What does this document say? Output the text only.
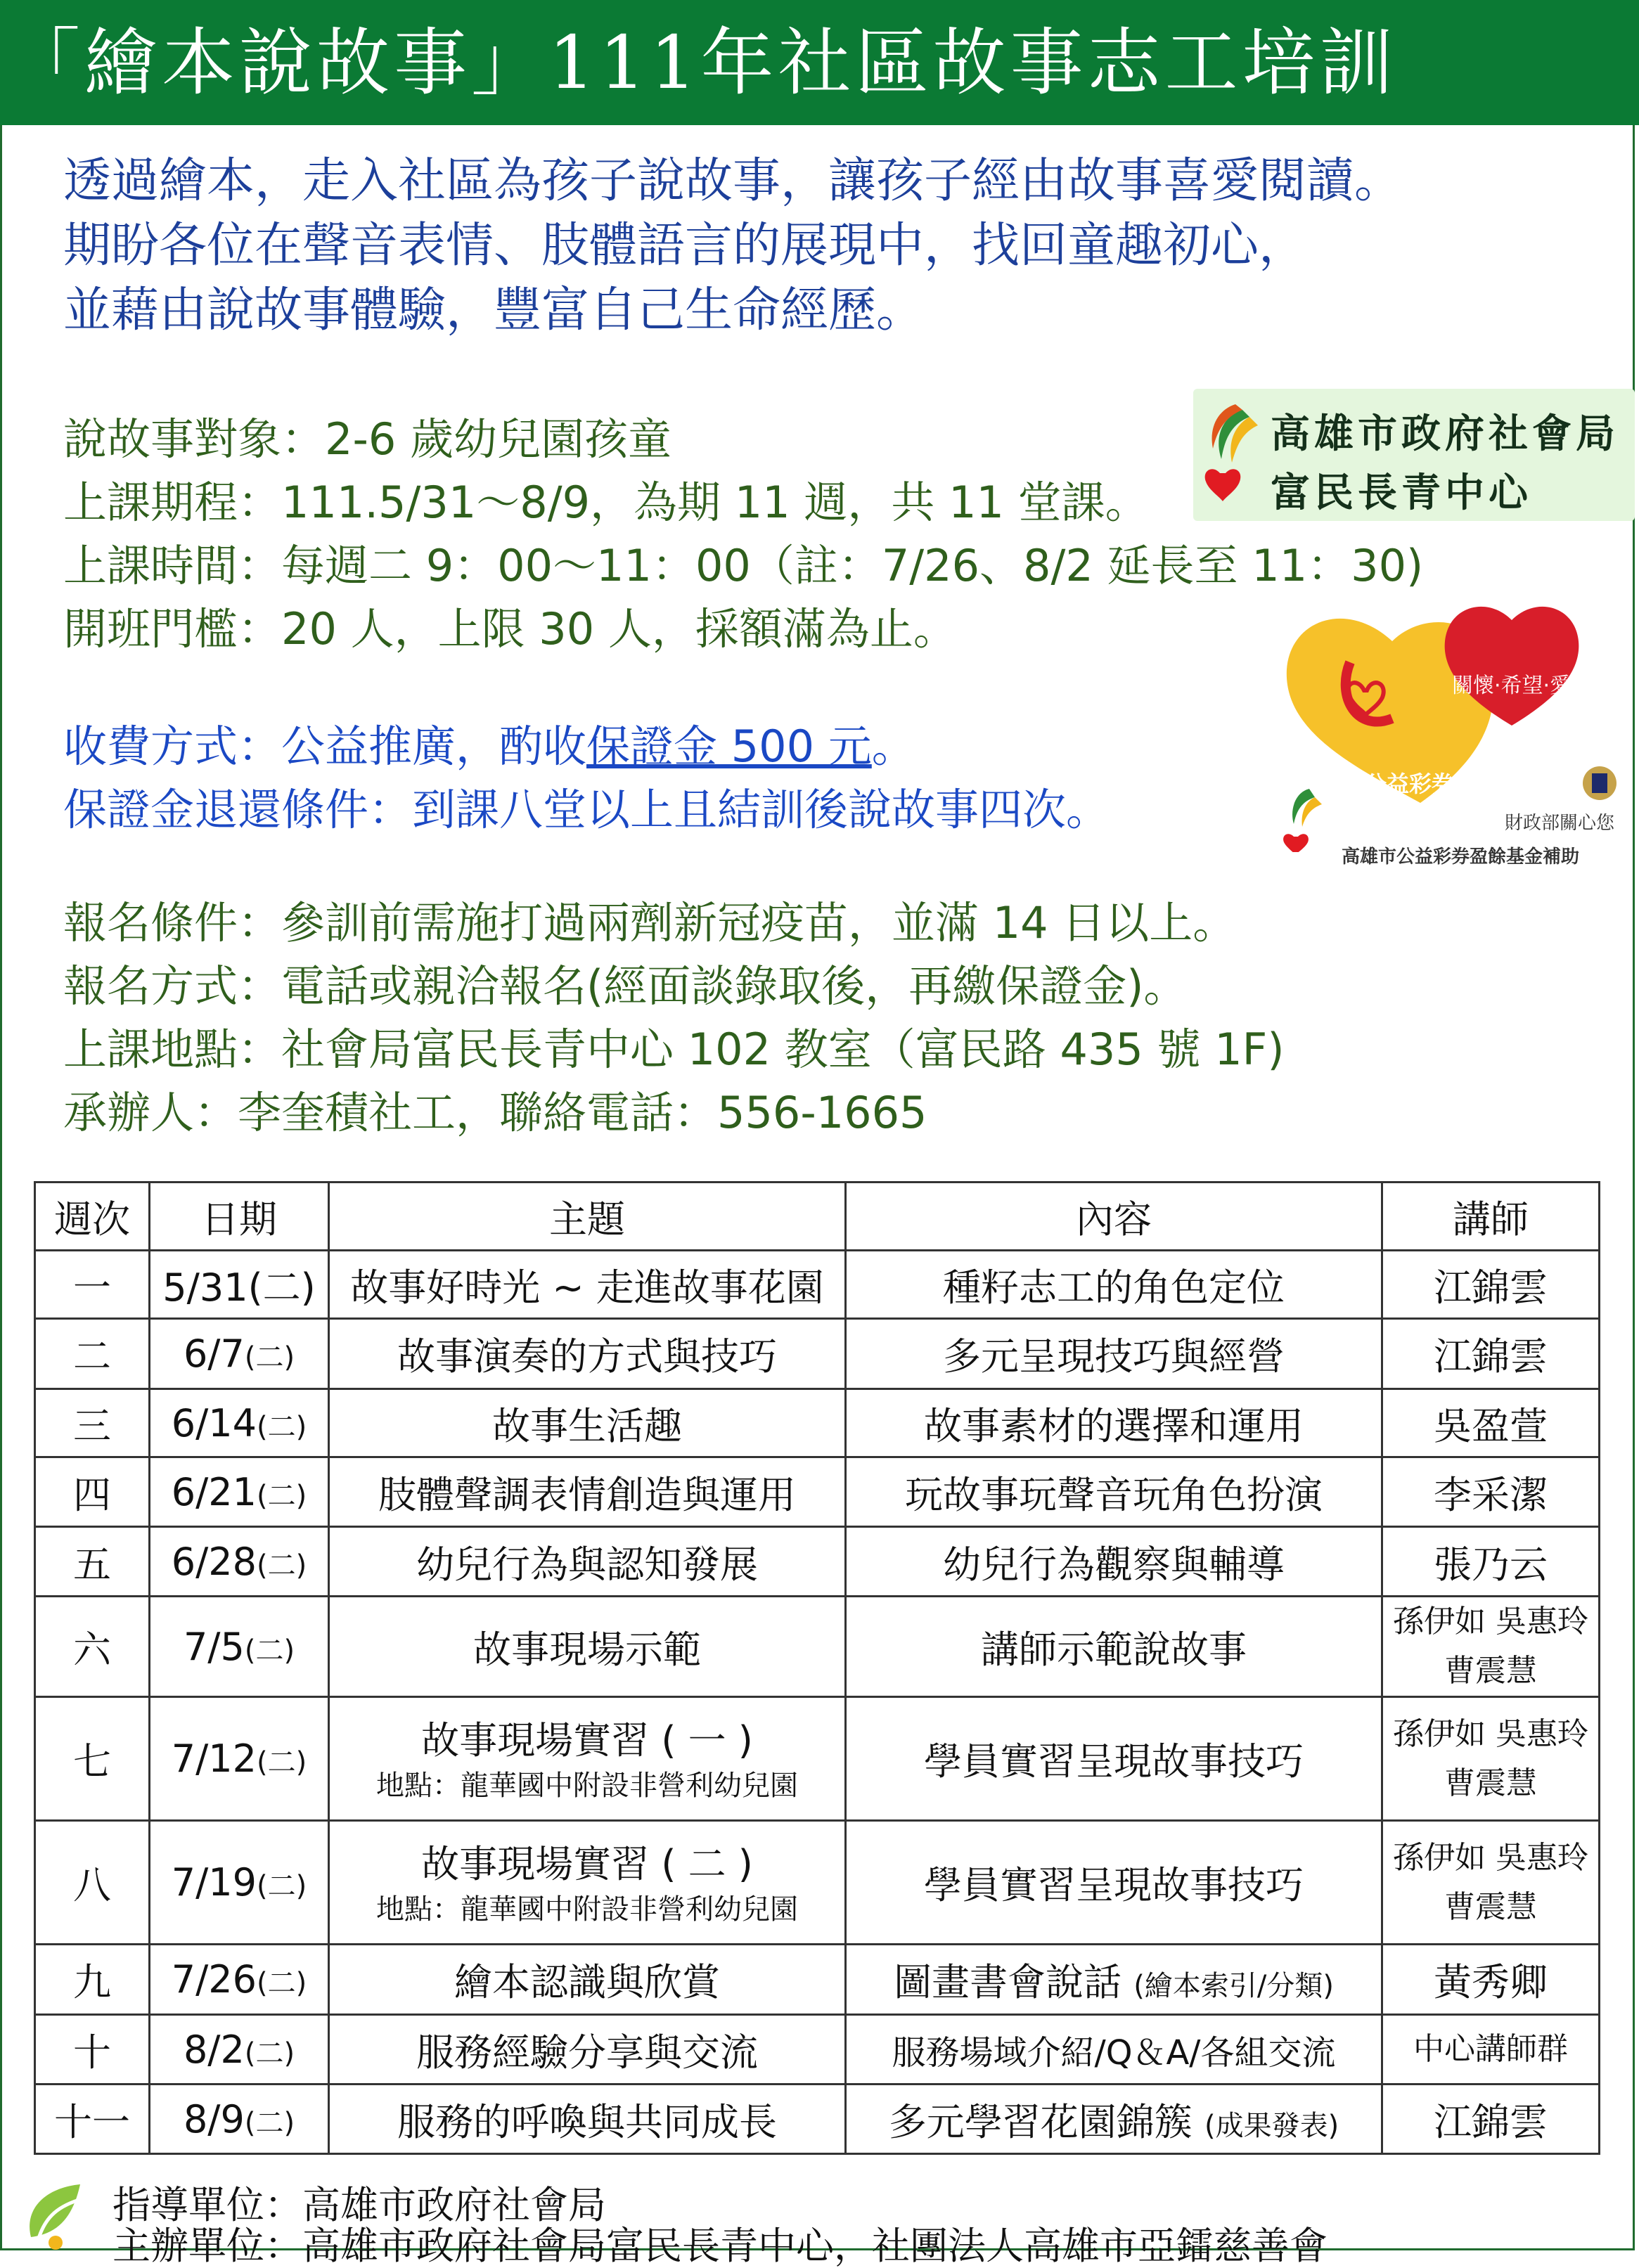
「繪本說故事」111年社區故事志工培訓
透過繪本，走入社區為孩子說故事，讓孩子經由故事喜愛閱讀。
期盼各位在聲音表情、肢體語言的展現中，找回童趣初心，
並藉由說故事體驗，豐富自己生命經歷。
說故事對象：2-6 歲幼兒園孩童
上課期程：111.5/31～8/9，為期 11 週，共 11 堂課。
上課時間：每週二 9：00～11：00（註：7/26、8/2 延長至 11：30)
開班門檻：20 人，上限 30 人，採額滿為止。
收費方式：公益推廣，酌收保證金 500 元。
保證金退還條件：到課八堂以上且結訓後說故事四次。
報名條件：參訓前需施打過兩劑新冠疫苗，並滿 14 日以上。
報名方式：電話或親洽報名(經面談錄取後，再繳保證金)。
上課地點：社會局富民長青中心 102 教室（富民路 435 號 1F)
承辦人：李奎積社工，聯絡電話：556-1665
高雄市政府社會局
富民長青中心
關懷·希望·愛
公益彩券
財政部關心您
高雄市公益彩券盈餘基金補助
週次	日期	主題	內容	講師
一	5/31(二)	故事好時光 ~ 走進故事花園	種籽志工的角色定位	江錦雲
二	6/7(二)	故事演奏的方式與技巧	多元呈現技巧與經營	江錦雲
三	6/14(二)	故事生活趣	故事素材的選擇和運用	吳盈萱
四	6/21(二)	肢體聲調表情創造與運用	玩故事玩聲音玩角色扮演	李采潔
五	6/28(二)	幼兒行為與認知發展	幼兒行為觀察與輔導	張乃云
六	7/5(二)	故事現場示範	講師示範說故事	孫伊如 吳惠玲
曹震慧
七	7/12(二)	故事現場實習 ( 一 )
地點：龍華國中附設非營利幼兒園	學員實習呈現故事技巧	孫伊如 吳惠玲
曹震慧
八	7/19(二)	故事現場實習 ( 二 )
地點：龍華國中附設非營利幼兒園	學員實習呈現故事技巧	孫伊如 吳惠玲
曹震慧
九	7/26(二)	繪本認識與欣賞	圖畫書會說話 (繪本索引/分類)	黃秀卿
十	8/2(二)	服務經驗分享與交流	服務場域介紹/Q＆A/各組交流	中心講師群
十一	8/9(二)	服務的呼喚與共同成長	多元學習花園錦簇 (成果發表)	江錦雲
指導單位：高雄市政府社會局
主辦單位：高雄市政府社會局富民長青中心，社團法人高雄市亞鐳慈善會
